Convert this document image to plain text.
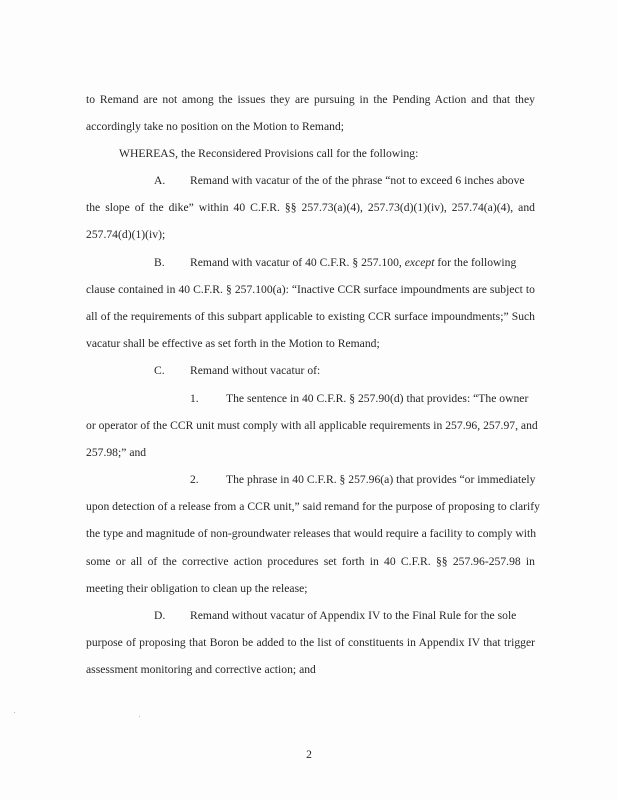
to Remand are not among the issues they are pursuing in the Pending Action and that they
accordingly take no position on the Motion to Remand;
WHEREAS, the Reconsidered Provisions call for the following:
A. Remand with vacatur of the of the phrase “not to exceed 6 inches above
the slope of the dike” within 40 C.F.R. §§ 257.73(a)(4), 257.73(d)(1)(iv), 257.74(a)(4), and
257.74(d)(1)(iv);
B. Remand with vacatur of 40 C.F.R. § 257.100, except for the following
clause contained in 40 C.F.R. § 257.100(a): “Inactive CCR surface impoundments are subject to
all of the requirements of this subpart applicable to existing CCR surface impoundments;” Such
vacatur shall be effective as set forth in the Motion to Remand;
C. Remand without vacatur of:
1. The sentence in 40 C.F.R. § 257.90(d) that provides: “The owner
or operator of the CCR unit must comply with all applicable requirements in 257.96, 257.97, and
257.98;” and
2. The phrase in 40 C.F.R. § 257.96(a) that provides “or immediately
upon detection of a release from a CCR unit,” said remand for the purpose of proposing to clarify
the type and magnitude of non-groundwater releases that would require a facility to comply with
some or all of the corrective action procedures set forth in 40 C.F.R. §§ 257.96-257.98 in
meeting their obligation to clean up the release;
D. Remand without vacatur of Appendix IV to the Final Rule for the sole
purpose of proposing that Boron be added to the list of constituents in Appendix IV that trigger
assessment monitoring and corrective action; and
2
